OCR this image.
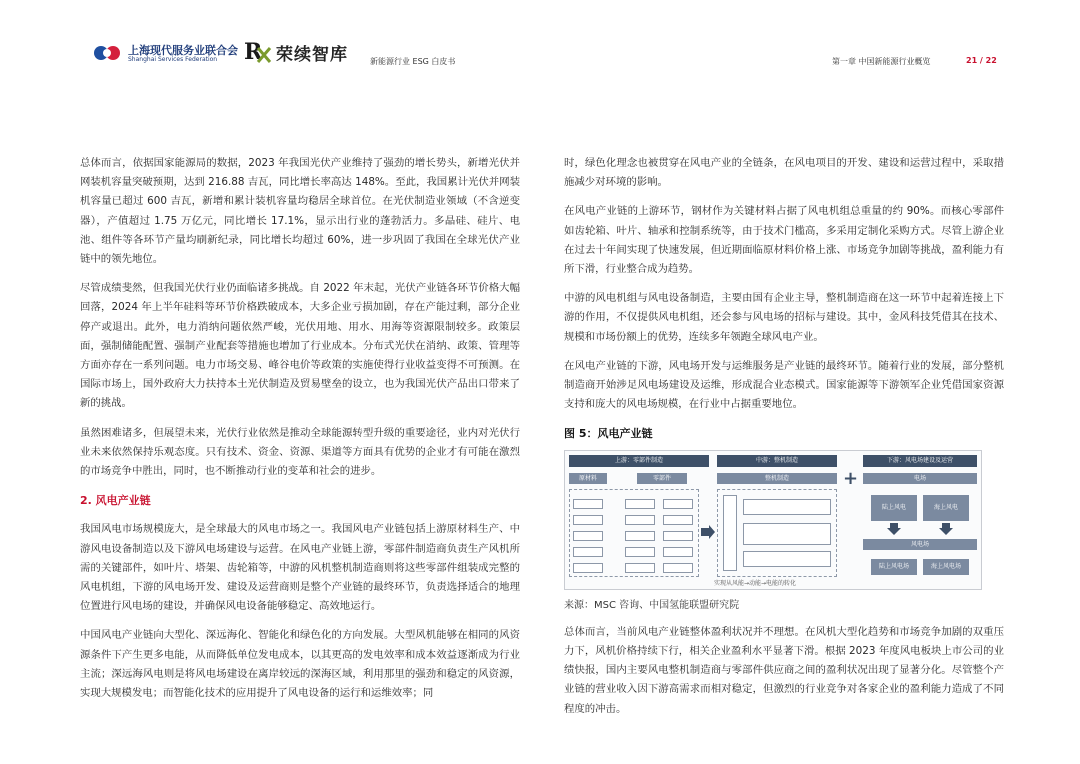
上海现代服务业联合会
Shanghai Services Federation R 荣续智库	新能源行业 ESG 白皮书	第一章 中国新能源行业概览	21 / 22

总体而言，依据国家能源局的数据，2023 年我国光伏产业维持了强劲的增长势头，新增光伏并网装机容量突破预期，达到 216.88 吉瓦，同比增长率高达 148%。至此，我国累计光伏并网装机容量已超过 600 吉瓦，新增和累计装机容量均稳居全球首位。在光伏制造业领域（不含逆变器），产值超过 1.75 万亿元，同比增长 17.1%，显示出行业的蓬勃活力。多晶硅、硅片、电池、组件等各环节产量均刷新纪录，同比增长均超过 60%，进一步巩固了我国在全球光伏产业链中的领先地位。

尽管成绩斐然，但我国光伏行业仍面临诸多挑战。自 2022 年末起，光伏产业链各环节价格大幅回落，2024 年上半年硅料等环节价格跌破成本，大多企业亏损加剧，存在产能过剩，部分企业停产或退出。此外，电力消纳问题依然严峻，光伏用地、用水、用海等资源限制较多。政策层面，强制储能配置、强制产业配套等措施也增加了行业成本。分布式光伏在消纳、政策、管理等方面亦存在一系列问题。电力市场交易、峰谷电价等政策的实施使得行业收益变得不可预测。在国际市场上，国外政府大力扶持本土光伏制造及贸易壁垒的设立，也为我国光伏产品出口带来了新的挑战。

虽然困难诸多，但展望未来，光伏行业依然是推动全球能源转型升级的重要途径，业内对光伏行业未来依然保持乐观态度。只有技术、资金、资源、渠道等方面具有优势的企业才有可能在激烈的市场竞争中胜出，同时，也不断推动行业的变革和社会的进步。

2. 风电产业链

我国风电市场规模庞大，是全球最大的风电市场之一。我国风电产业链包括上游原材料生产、中游风电设备制造以及下游风电场建设与运营。在风电产业链上游，零部件制造商负责生产风机所需的关键部件，如叶片、塔架、齿轮箱等，中游的风机整机制造商则将这些零部件组装成完整的风电机组，下游的风电场开发、建设及运营商则是整个产业链的最终环节，负责选择适合的地理位置进行风电场的建设，并确保风电设备能够稳定、高效地运行。

中国风电产业链向大型化、深远海化、智能化和绿色化的方向发展。大型风机能够在相同的风资源条件下产生更多电能，从而降低单位发电成本，以其更高的发电效率和成本效益逐渐成为行业主流；深远海风电则是将风电场建设在离岸较远的深海区域，利用那里的强劲和稳定的风资源，实现大规模发电；而智能化技术的应用提升了风电设备的运行和运维效率；同

时，绿色化理念也被贯穿在风电产业的全链条，在风电项目的开发、建设和运营过程中，采取措施减少对环境的影响。

在风电产业链的上游环节，钢材作为关键材料占据了风电机组总重量的约 90%。而核心零部件如齿轮箱、叶片、轴承和控制系统等，由于技术门槛高，多采用定制化采购方式。尽管上游企业在过去十年间实现了快速发展，但近期面临原材料价格上涨、市场竞争加剧等挑战，盈利能力有所下滑，行业整合成为趋势。

中游的风电机组与风电设备制造，主要由国有企业主导，整机制造商在这一环节中起着连接上下游的作用，不仅提供风电机组，还会参与风电场的招标与建设。其中，金风科技凭借其在技术、规模和市场份额上的优势，连续多年领跑全球风电产业。

在风电产业链的下游，风电场开发与运维服务是产业链的最终环节。随着行业的发展，部分整机制造商开始涉足风电场建设及运维，形成混合业态模式。国家能源等下游领军企业凭借国家资源支持和庞大的风电场规模，在行业中占据重要地位。

图 5：风电产业链
上游：零部件制造
原材料	零部件
中游：整机制造
整机制造	+
下游：风电场建设及运营
电场
陆上风电	海上风电
风电场
陆上风电场	海上风电场
实现从风能→动能→电能的转化
来源：MSC 咨询、中国氢能联盟研究院

总体而言，当前风电产业链整体盈利状况并不理想。在风机大型化趋势和市场竞争加剧的双重压力下，风机价格持续下行，相关企业盈利水平显著下滑。根据 2023 年度风电板块上市公司的业绩快报，国内主要风电整机制造商与零部件供应商之间的盈利状况出现了显著分化。尽管整个产业链的营业收入因下游高需求而相对稳定，但激烈的行业竞争对各家企业的盈利能力造成了不同程度的冲击。
